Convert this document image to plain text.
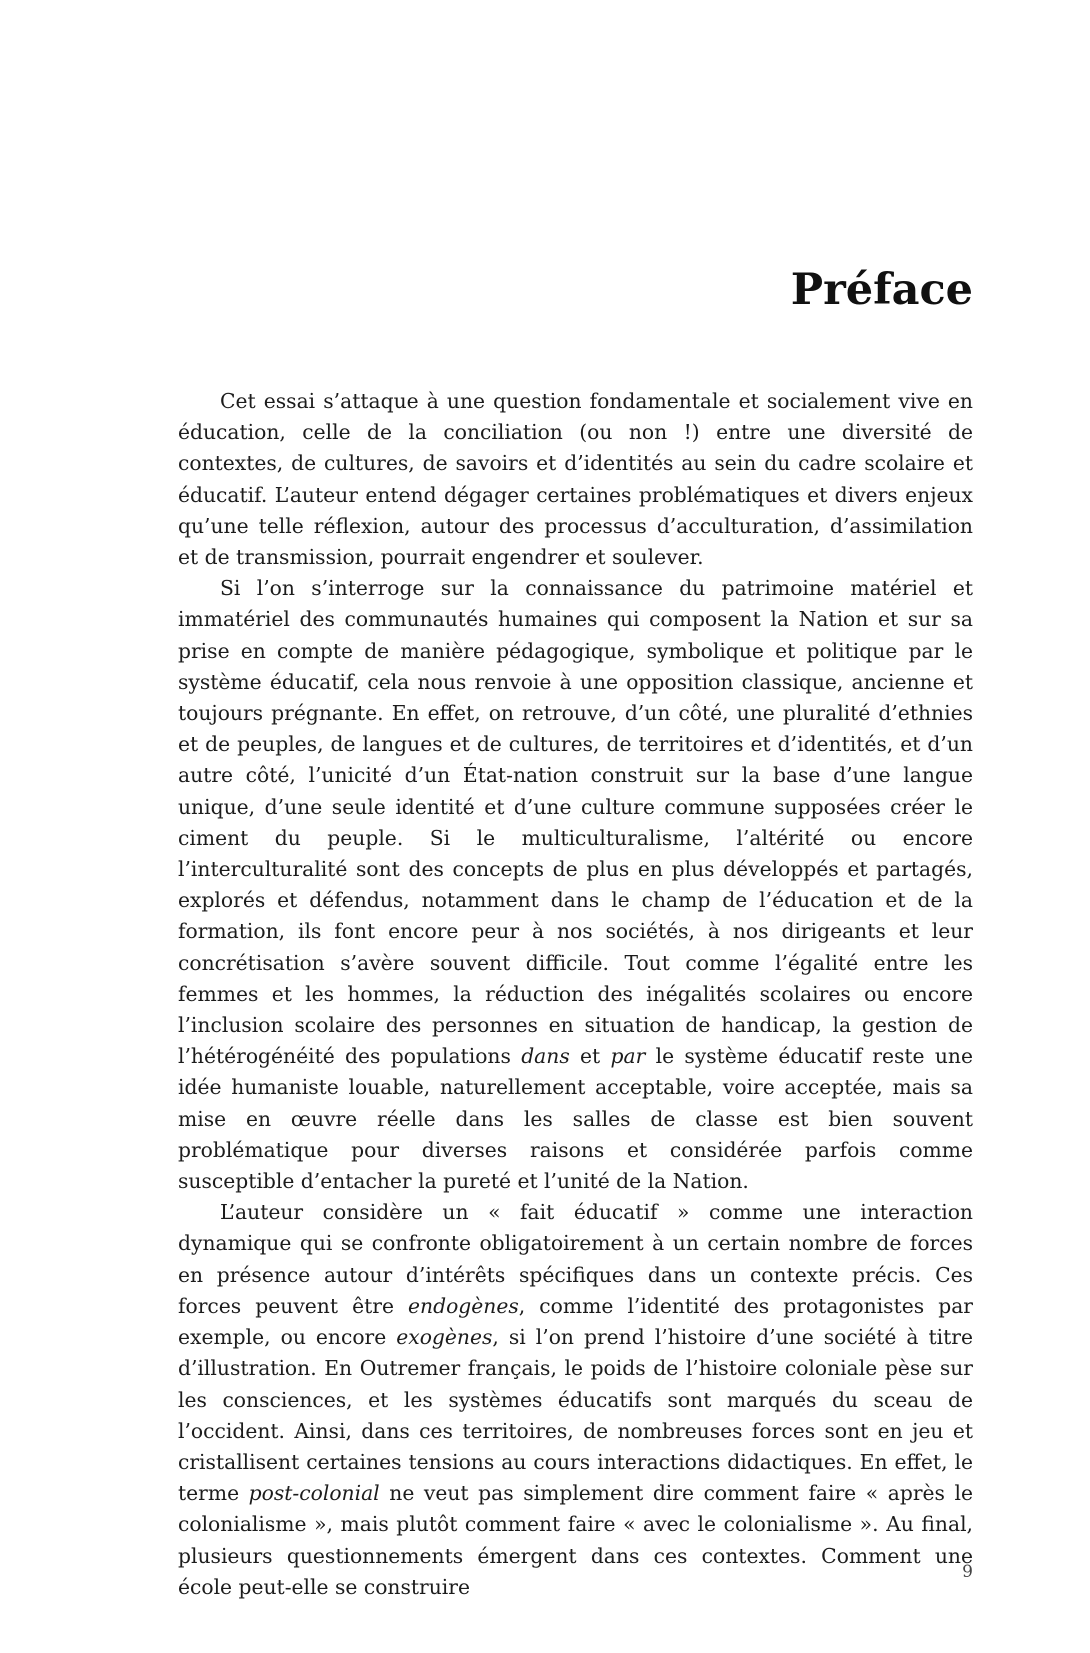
Préface

Cet essai s’attaque à une question fondamentale et socialement vive en éducation, celle de la conciliation (ou non !) entre une diversité de contextes, de cultures, de savoirs et d’identités au sein du cadre scolaire et éducatif. L’auteur entend dégager certaines problématiques et divers enjeux qu’une telle réflexion, autour des processus d’acculturation, d’assimilation et de transmission, pourrait engendrer et soulever.

Si l’on s’interroge sur la connaissance du patrimoine matériel et immatériel des communautés humaines qui composent la Nation et sur sa prise en compte de manière pédagogique, symbolique et politique par le système éducatif, cela nous renvoie à une opposition classique, ancienne et toujours prégnante. En effet, on retrouve, d’un côté, une pluralité d’ethnies et de peuples, de langues et de cultures, de territoires et d’identités, et d’un autre côté, l’unicité d’un État-nation construit sur la base d’une langue unique, d’une seule identité et d’une culture commune supposées créer le ciment du peuple. Si le multiculturalisme, l’altérité ou encore l’interculturalité sont des concepts de plus en plus développés et partagés, explorés et défendus, notamment dans le champ de l’éducation et de la formation, ils font encore peur à nos sociétés, à nos dirigeants et leur concrétisation s’avère souvent difficile. Tout comme l’égalité entre les femmes et les hommes, la réduction des inégalités scolaires ou encore l’inclusion scolaire des personnes en situation de handicap, la gestion de l’hétérogénéité des populations dans et par le système éducatif reste une idée humaniste louable, naturellement acceptable, voire acceptée, mais sa mise en œuvre réelle dans les salles de classe est bien souvent problématique pour diverses raisons et considérée parfois comme susceptible d’entacher la pureté et l’unité de la Nation.

L’auteur considère un « fait éducatif » comme une interaction dynamique qui se confronte obligatoirement à un certain nombre de forces en présence autour d’intérêts spécifiques dans un contexte précis. Ces forces peuvent être endogènes, comme l’identité des protagonistes par exemple, ou encore exogènes, si l’on prend l’histoire d’une société à titre d’illustration. En Outremer français, le poids de l’histoire coloniale pèse sur les consciences, et les systèmes éducatifs sont marqués du sceau de l’occident. Ainsi, dans ces territoires, de nombreuses forces sont en jeu et cristallisent certaines tensions au cours interactions didactiques. En effet, le terme post-colonial ne veut pas simplement dire comment faire « après le colonialisme », mais plutôt comment faire « avec le colonialisme ». Au final, plusieurs questionnements émergent dans ces contextes. Comment une école peut-elle se construire

9
